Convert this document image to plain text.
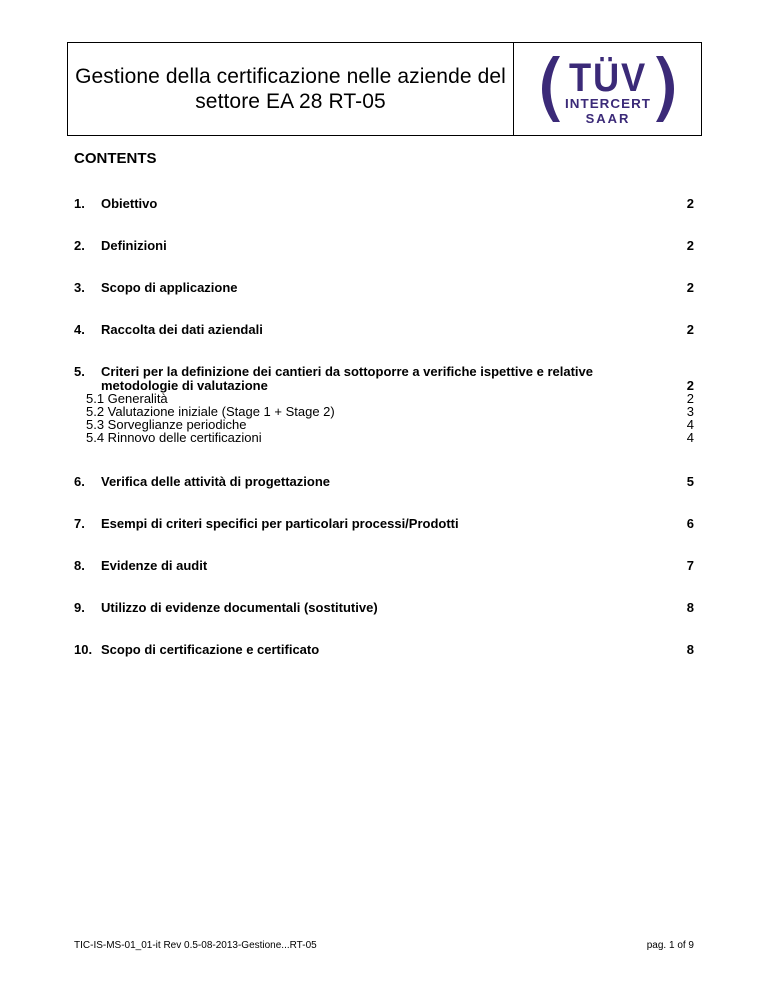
Gestione della certificazione nelle aziende del
settore EA 28 RT-05
TÜV
INTERCERT
SAAR
CONTENTS
1. Obiettivo	2
2. Definizioni	2
3. Scopo di applicazione	2
4. Raccolta dei dati aziendali	2
5. Criteri per la definizione dei cantieri da sottoporre a verifiche ispettive e relative
metodologie di valutazione	2
5.1 Generalità	2
5.2 Valutazione iniziale (Stage 1 + Stage 2)	3
5.3 Sorveglianze periodiche	4
5.4 Rinnovo delle certificazioni	4
6. Verifica delle attività di progettazione	5
7. Esempi di criteri specifici per particolari processi/Prodotti	6
8. Evidenze di audit	7
9. Utilizzo di evidenze documentali (sostitutive)	8
10. Scopo di certificazione e certificato	8
TIC-IS-MS-01_01-it Rev 0.5-08-2013-Gestione...RT-05	pag. 1 of 9
